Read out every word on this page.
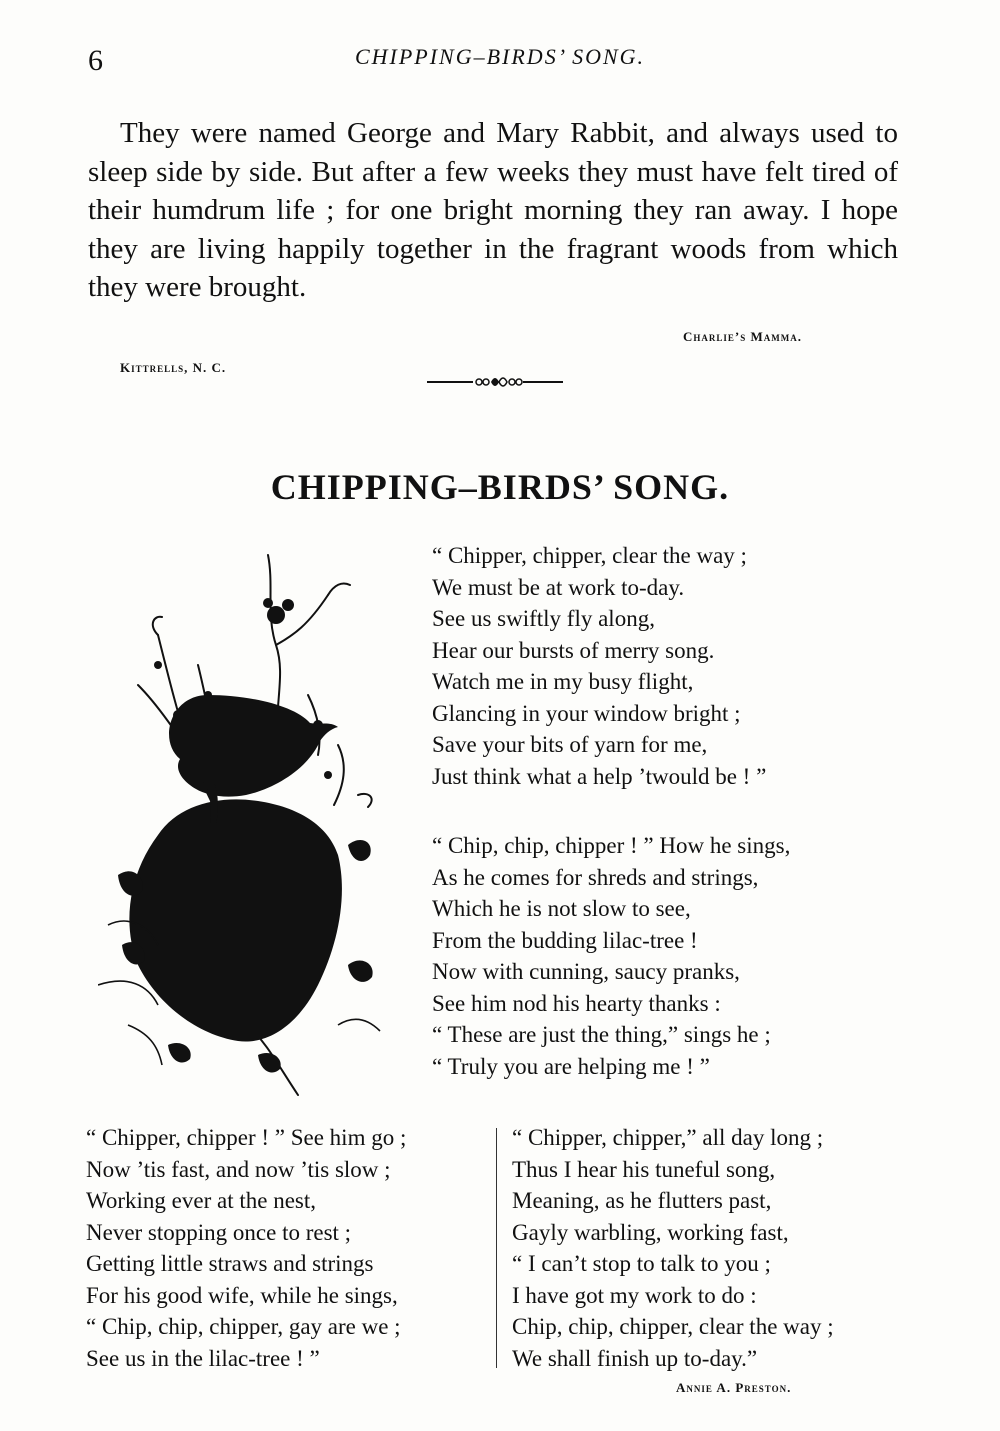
6	CHIPPING–BIRDS’ SONG.
They were named George and Mary Rabbit, and always used to sleep side by side. But after a few weeks they must have felt tired of their humdrum life ; for one bright morning they ran away. I hope they are living happily together in the fragrant woods from which they were brought.
Charlie’s Mamma.
Kittrells, N. C.
CHIPPING–BIRDS’ SONG.
“ Chipper, chipper, clear the way ;
We must be at work to-day.
See us swiftly fly along,
Hear our bursts of merry song.
Watch me in my busy flight,
Glancing in your window bright ;
Save your bits of yarn for me,
Just think what a help ’twould be ! ”
“ Chip, chip, chipper ! ” How he sings,
As he comes for shreds and strings,
Which he is not slow to see,
From the budding lilac-tree !
Now with cunning, saucy pranks,
See him nod his hearty thanks :
“ These are just the thing,” sings he ;
“ Truly you are helping me ! ”
“ Chipper, chipper ! ” See him go ;
Now ’tis fast, and now ’tis slow ;
Working ever at the nest,
Never stopping once to rest ;
Getting little straws and strings
For his good wife, while he sings,
“ Chip, chip, chipper, gay are we ;
See us in the lilac-tree ! ”
“ Chipper, chipper,” all day long ;
Thus I hear his tuneful song,
Meaning, as he flutters past,
Gayly warbling, working fast,
“ I can’t stop to talk to you ;
I have got my work to do :
Chip, chip, chipper, clear the way ;
We shall finish up to-day.”
Annie A. Preston.
